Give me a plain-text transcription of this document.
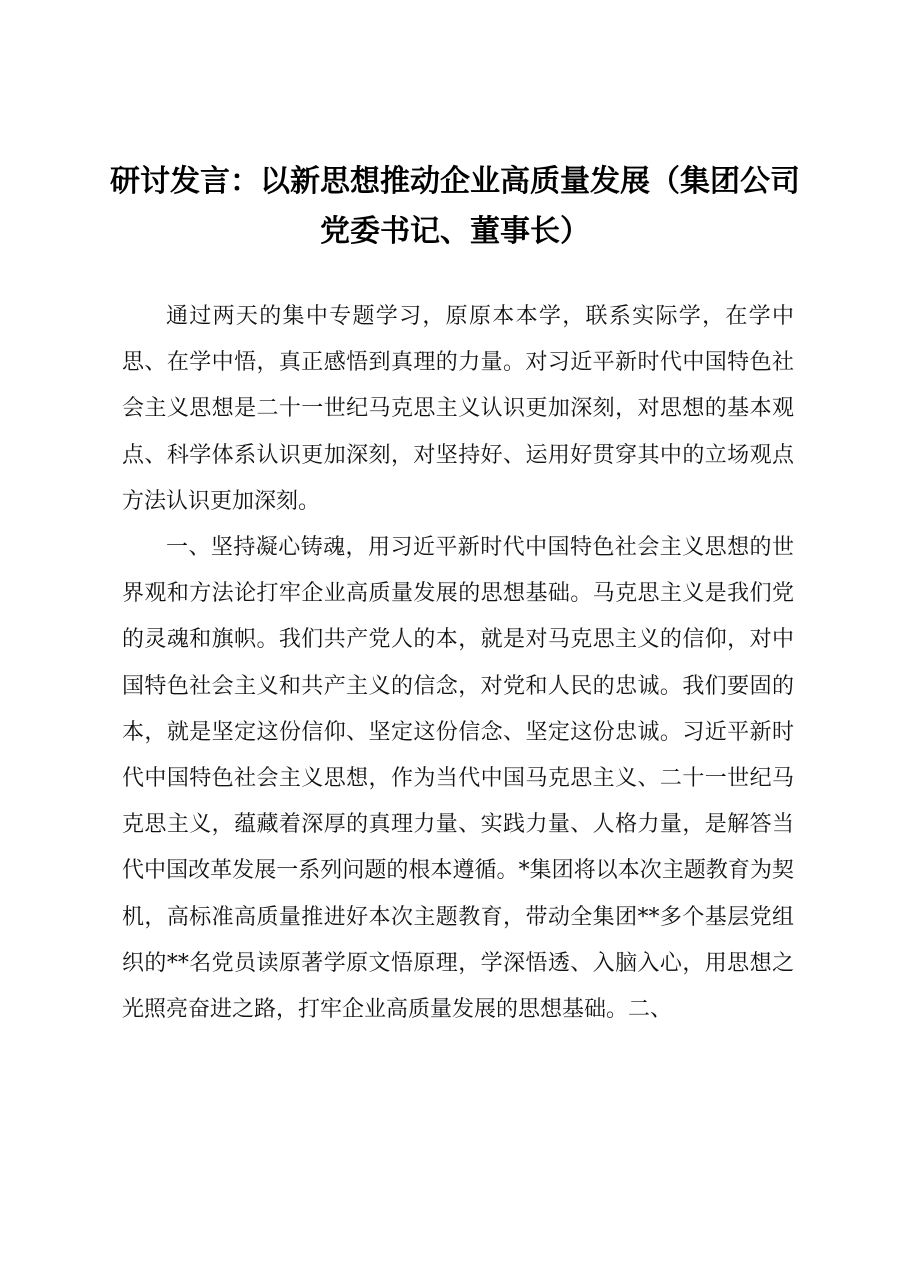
研讨发言：以新思想推动企业高质量发展（集团公司党委书记、董事长）

通过两天的集中专题学习，原原本本学，联系实际学，在学中思、在学中悟，真正感悟到真理的力量。对习近平新时代中国特色社会主义思想是二十一世纪马克思主义认识更加深刻，对思想的基本观点、科学体系认识更加深刻，对坚持好、运用好贯穿其中的立场观点方法认识更加深刻。

一、坚持凝心铸魂，用习近平新时代中国特色社会主义思想的世界观和方法论打牢企业高质量发展的思想基础。马克思主义是我们党的灵魂和旗帜。我们共产党人的本，就是对马克思主义的信仰，对中国特色社会主义和共产主义的信念，对党和人民的忠诚。我们要固的本，就是坚定这份信仰、坚定这份信念、坚定这份忠诚。习近平新时代中国特色社会主义思想，作为当代中国马克思主义、二十一世纪马克思主义，蕴藏着深厚的真理力量、实践力量、人格力量，是解答当代中国改革发展一系列问题的根本遵循。*集团将以本次主题教育为契机，高标准高质量推进好本次主题教育，带动全集团**多个基层党组织的**名党员读原著学原文悟原理，学深悟透、入脑入心，用思想之光照亮奋进之路，打牢企业高质量发展的思想基础。二、
